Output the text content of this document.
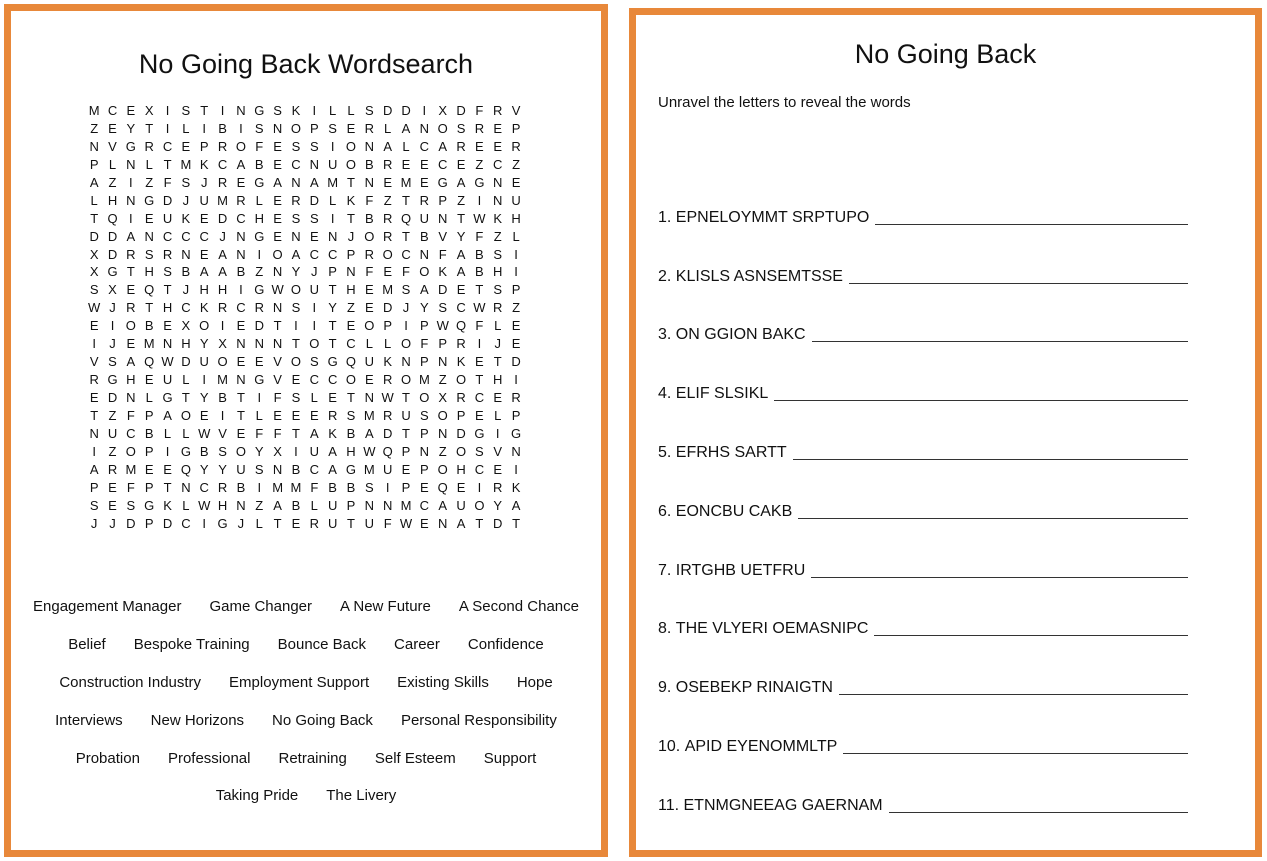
No Going Back Wordsearch
M C E X I S T I N G S K I L L S D D I X D F R V
Z E Y T I L I B I S N O P S E R L A N O S R E P
N V G R C E P R O F E S S I O N A L C A R E E R
P L N L T M K C A B E C N U O B R E E C E Z C Z
A Z I Z F S J R E G A N A M T N E M E G A G N E
L H N G D J U M R L E R D L K F Z T R P Z I N U
T Q I E U K E D C H E S S I T B R Q U N T W K H
D D A N C C C J N G E N E N J O R T B V Y F Z L
X D R S R N E A N I O A C C P R O C N F A B S I
X G T H S B A A B Z N Y J P N F E F O K A B H I
S X E Q T J H H I G W O U T H E M S A D E T S P
W J R T H C K R C R N S I Y Z E D J Y S C W R Z
E I O B E X O I E D T I	I T E O P I P W Q F L E
I	J E M N H Y X N N N T O T C L L O F P R I	J E
V S A Q W D U O E E V O S G Q U K N P N K E T D
R G H E U L I M N G V E C C O E R O M Z O T H I
E D N L G T Y B T I F S L E T N W T O X R C E R
T Z F P A O E I T L E E E R S M R U S O P E L P
N U C B L L W V E F F T A K B A D T P N D G I G
I Z O P I G B S O Y X I U A H W Q P N Z O S V N
A R M E E Q Y Y U S N B C A G M U E P O H C E I
P E F P T N C R B I M M F B B S I P E Q E I R K
S E S G K L W H N Z A B L U P N N M C A U O Y A
J J D P D C I G J L T E R U T U F W E N A T D T
Engagement Manager Game Changer A New Future A Second Chance
Belief Bespoke Training Bounce Back Career Confidence
Construction Industry Employment Support Existing Skills Hope
Interviews New Horizons No Going Back Personal Responsibility
Probation Professional Retraining Self Esteem Support
Taking Pride The Livery
No Going Back
Unravel the letters to reveal the words
1. EPNELOYMMT SRPTUPO
2. KLISLS ASNSEMTSSE
3. ON GGION BAKC
4. ELIF SLSIKL
5. EFRHS SARTT
6. EONCBU CAKB
7. IRTGHB UETFRU
8. THE VLYERI OEMASNIPC
9. OSEBEKP RINAIGTN
10. APID EYENOMMLTP
11. ETNMGNEEAG GAERNAM
